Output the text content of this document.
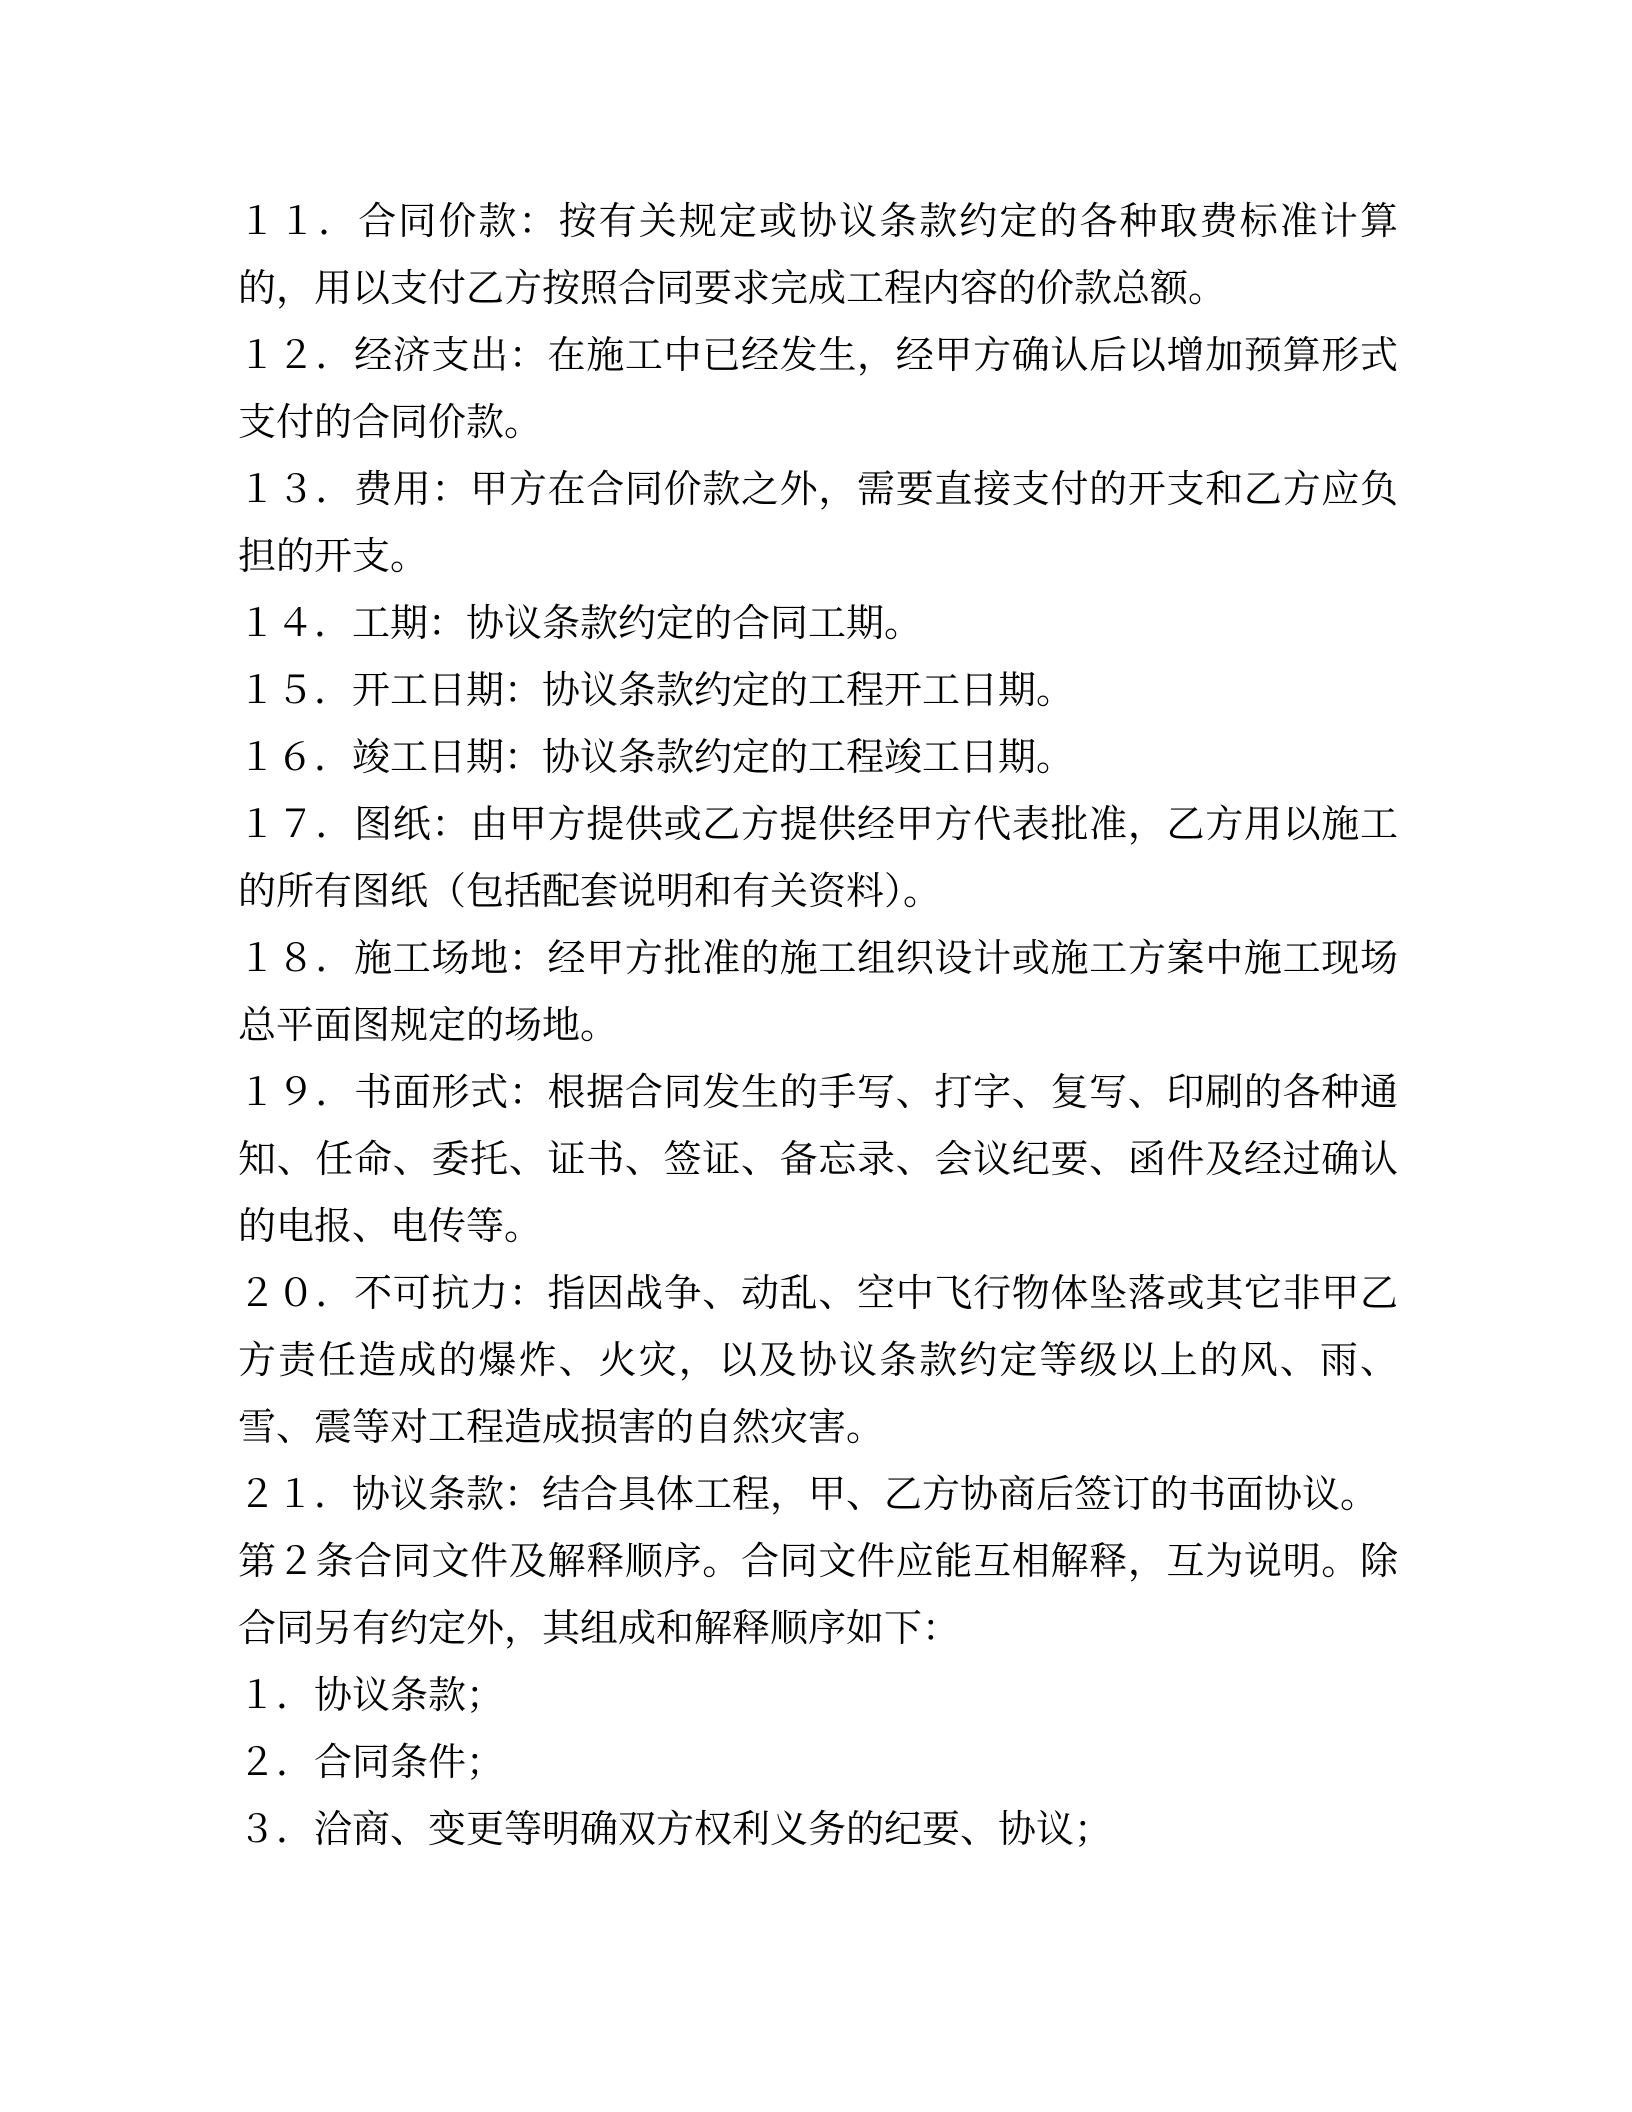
１１．合同价款：按有关规定或协议条款约定的各种取费标准计算的，用以支付乙方按照合同要求完成工程内容的价款总额。

１２．经济支出：在施工中已经发生，经甲方确认后以增加预算形式支付的合同价款。

１３．费用：甲方在合同价款之外，需要直接支付的开支和乙方应负担的开支。

１４．工期：协议条款约定的合同工期。

１５．开工日期：协议条款约定的工程开工日期。

１６．竣工日期：协议条款约定的工程竣工日期。

１７．图纸：由甲方提供或乙方提供经甲方代表批准，乙方用以施工的所有图纸（包括配套说明和有关资料）。

１８．施工场地：经甲方批准的施工组织设计或施工方案中施工现场总平面图规定的场地。

１９．书面形式：根据合同发生的手写、打字、复写、印刷的各种通知、任命、委托、证书、签证、备忘录、会议纪要、函件及经过确认的电报、电传等。

２０．不可抗力：指因战争、动乱、空中飞行物体坠落或其它非甲乙方责任造成的爆炸、火灾，以及协议条款约定等级以上的风、雨、雪、震等对工程造成损害的自然灾害。

２１．协议条款：结合具体工程，甲、乙方协商后签订的书面协议。

第２条合同文件及解释顺序。合同文件应能互相解释，互为说明。除合同另有约定外，其组成和解释顺序如下：

１．协议条款；

２．合同条件；

３．洽商、变更等明确双方权利义务的纪要、协议；
